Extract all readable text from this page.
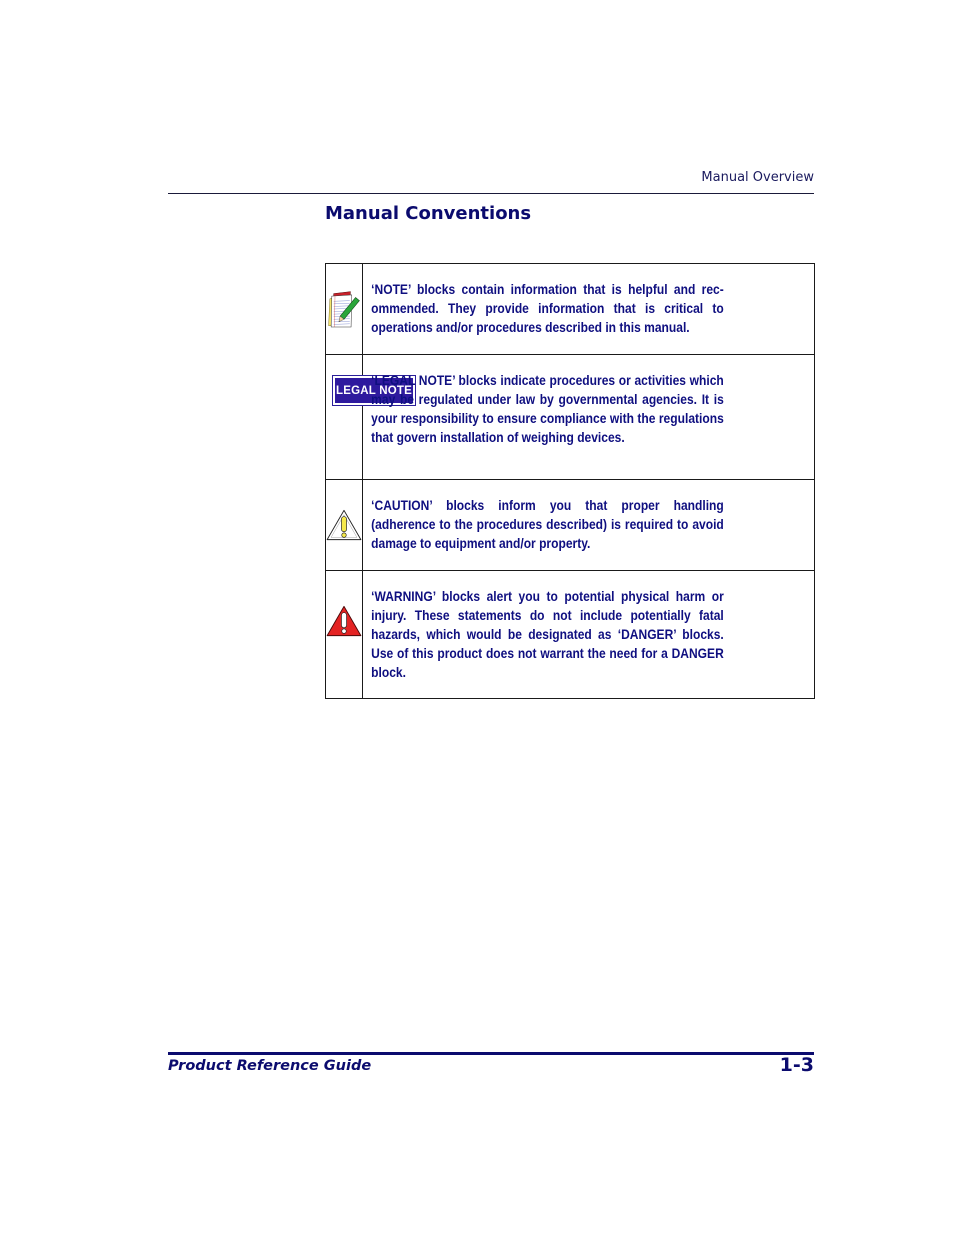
Manual Overview
Manual Conventions

‘NOTE’ blocks contain information that is helpful and rec-ommended. They provide information that is critical to operations and/or procedures described in this manual.

LEGAL NOTE	‘LEGAL NOTE’ blocks indicate procedures or activities which may be regulated under law by governmental agencies. It is your responsibility to ensure compliance with the regulations that govern installation of weighing devices.

‘CAUTION’ blocks inform you that proper handling (adherence to the procedures described) is required to avoid damage to equipment and/or property.

‘WARNING’ blocks alert you to potential physical harm or injury. These statements do not include potentially fatal hazards, which would be designated as ‘DANGER’ blocks. Use of this product does not warrant the need for a DANGER block.
Product Reference Guide	1-3
